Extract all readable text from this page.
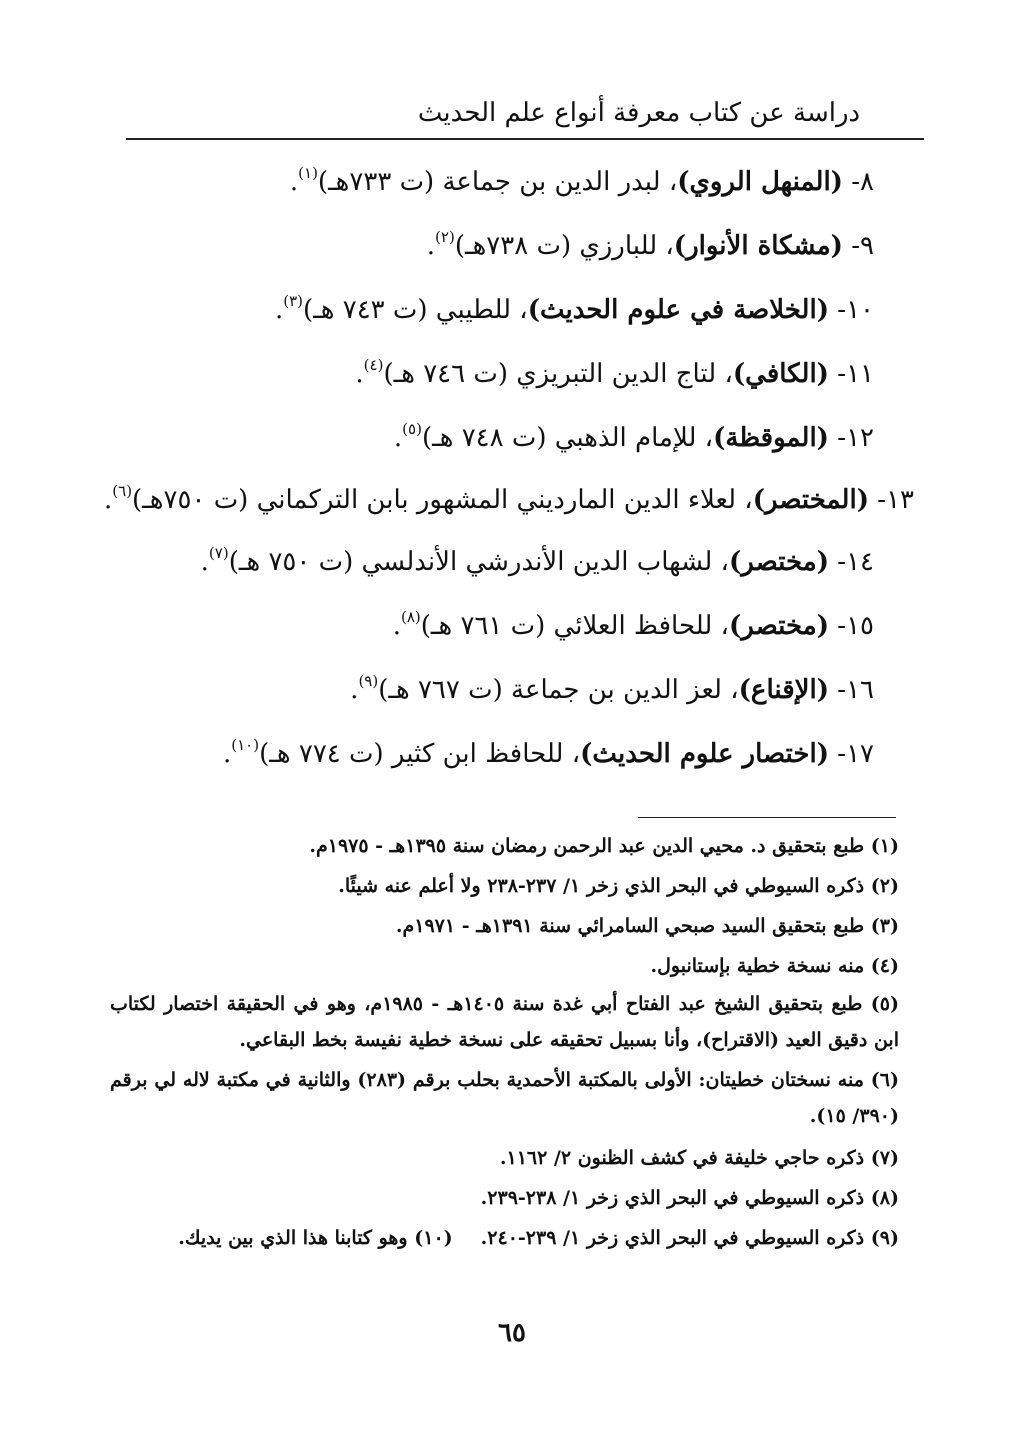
دراسة عن كتاب معرفة أنواع علم الحديث
٨- (المنهل الروي)، لبدر الدين بن جماعة (ت ٧٣٣هـ)$^{(١)}$.
٩- (مشكاة الأنوار)، للبارزي (ت ٧٣٨هـ)$^{(٢)}$.
١٠- (الخلاصة في علوم الحديث)، للطيبي (ت ٧٤٣ هـ)$^{(٣)}$.
١١- (الكافي)، لتاج الدين التبريزي (ت ٧٤٦ هـ)$^{(٤)}$.
١٢- (الموقظة)، للإمام الذهبي (ت ٧٤٨ هـ)$^{(٥)}$.
١٣- (المختصر)، لعلاء الدين المارديني المشهور بابن التركماني (ت ٧٥٠هـ)$^{(٦)}$.
١٤- (مختصر)، لشهاب الدين الأندرشي الأندلسي (ت ٧٥٠ هـ)$^{(٧)}$.
١٥- (مختصر)، للحافظ العلائي (ت ٧٦١ هـ)$^{(٨)}$.
١٦- (الإقناع)، لعز الدين بن جماعة (ت ٧٦٧ هـ)$^{(٩)}$.
١٧- (اختصار علوم الحديث)، للحافظ ابن كثير (ت ٧٧٤ هـ)$^{(١٠)}$.
(١) طبع بتحقيق د. محيي الدين عبد الرحمن رمضان سنة ١٣٩٥هـ - ١٩٧٥م.
(٢) ذكره السيوطي في البحر الذي زخر ١/ ٢٣٧-٢٣٨ ولا أعلم عنه شيئًا.
(٣) طبع بتحقيق السيد صبحي السامرائي سنة ١٣٩١هـ - ١٩٧١م.
(٤) منه نسخة خطية بإستانبول.
(٥) طبع بتحقيق الشيخ عبد الفتاح أبي غدة سنة ١٤٠٥هـ - ١٩٨٥م، وهو في الحقيقة اختصار لكتاب ابن دقيق العيد (الاقتراح)، وأنا بسبيل تحقيقه على نسخة خطية نفيسة بخط البقاعي.
(٦) منه نسختان خطيتان: الأولى بالمكتبة الأحمدية بحلب برقم (٢٨٣) والثانية في مكتبة لاله لي برقم (٣٩٠/ ١٥).
(٧) ذكره حاجي خليفة في كشف الظنون ٢/ ١١٦٢.
(٨) ذكره السيوطي في البحر الذي زخر ١/ ٢٣٨-٢٣٩.
(٩) ذكره السيوطي في البحر الذي زخر ١/ ٢٣٩-٢٤٠.(١٠) وهو كتابنا هذا الذي بين يديك.
٦٥
